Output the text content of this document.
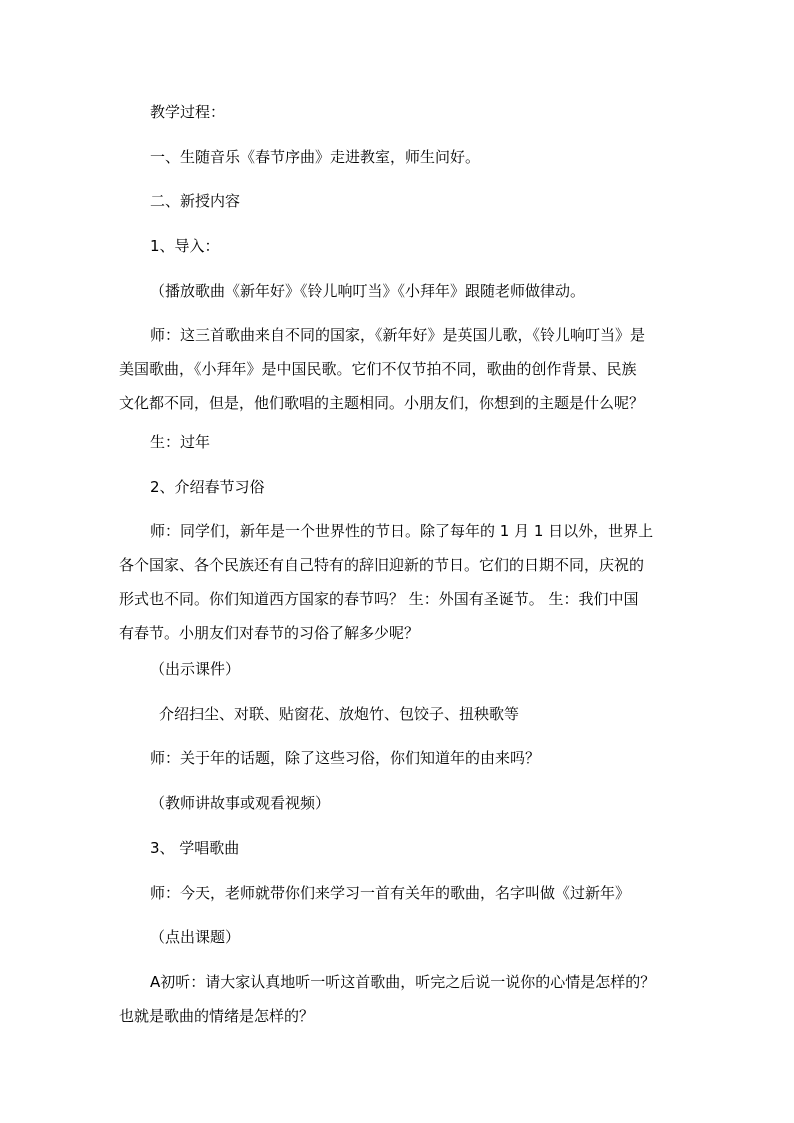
教学过程：
一、生随音乐《春节序曲》走进教室，师生问好。
二、新授内容
1、导入：
（播放歌曲《新年好》《铃儿响叮当》《小拜年》跟随老师做律动。
师：这三首歌曲来自不同的国家，《新年好》是英国儿歌，《铃儿响叮当》是
美国歌曲，《小拜年》是中国民歌。它们不仅节拍不同，歌曲的创作背景、民族
文化都不同，但是，他们歌唱的主题相同。小朋友们，你想到的主题是什么呢？
生：过年
2、介绍春节习俗
师：同学们，新年是一个世界性的节日。除了每年的 1 月 1 日以外，世界上
各个国家、各个民族还有自己特有的辞旧迎新的节日。它们的日期不同，庆祝的
形式也不同。你们知道西方国家的春节吗？ 生：外国有圣诞节。 生：我们中国
有春节。小朋友们对春节的习俗了解多少呢？
（出示课件）
介绍扫尘、对联、贴窗花、放炮竹、包饺子、扭秧歌等
师：关于年的话题，除了这些习俗，你们知道年的由来吗？
（教师讲故事或观看视频）
3、 学唱歌曲
师：今天，老师就带你们来学习一首有关年的歌曲，名字叫做《过新年》
（点出课题）
A初听：请大家认真地听一听这首歌曲，听完之后说一说你的心情是怎样的？
也就是歌曲的情绪是怎样的？
